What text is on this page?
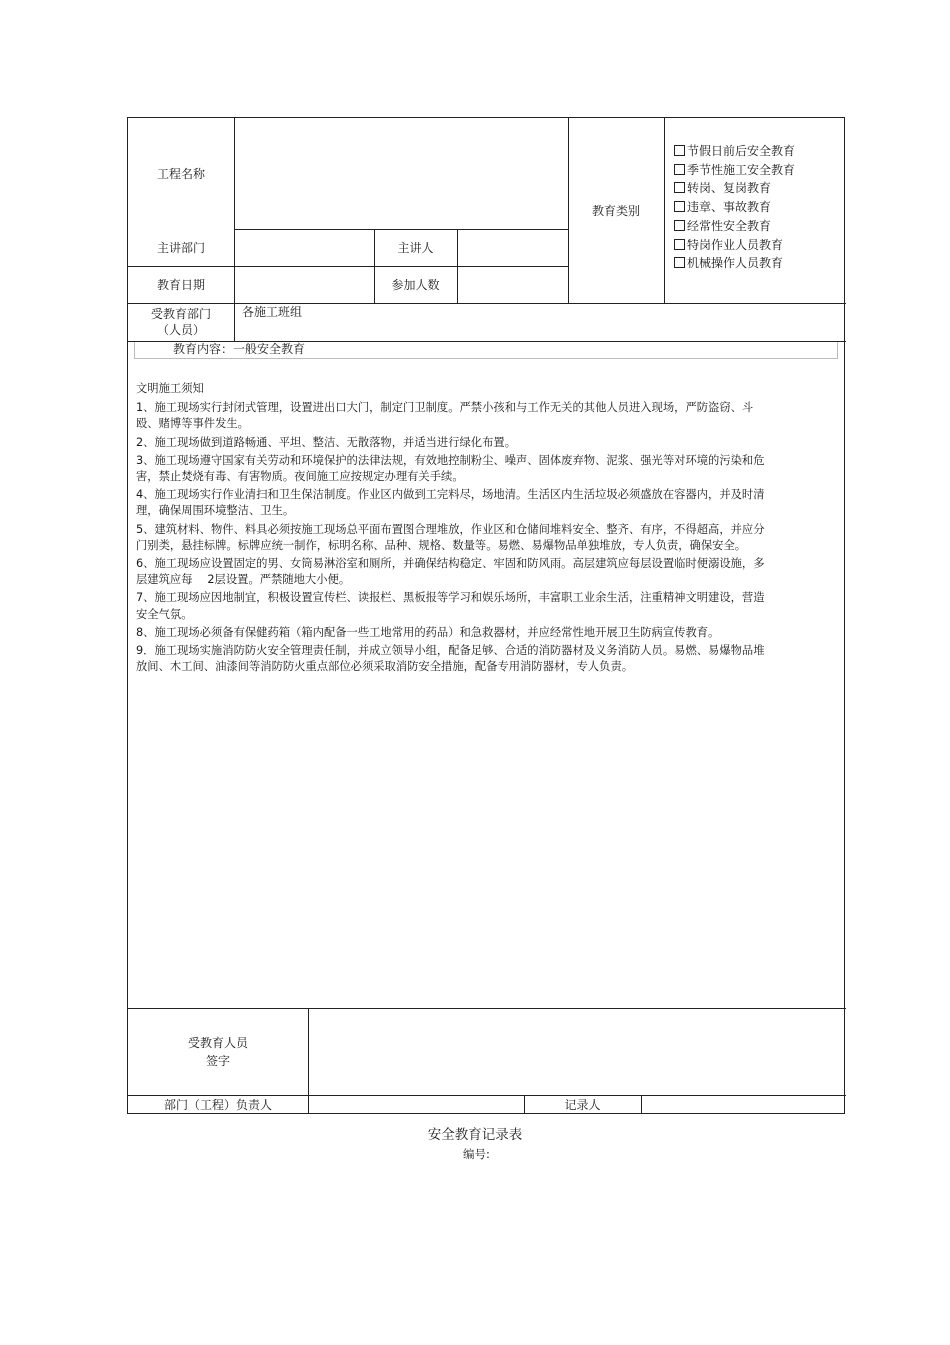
工程名称
教育类别
节假日前后安全教育
季节性施工安全教育
转岗、复岗教育
违章、事故教育
经常性安全教育
特岗作业人员教育
机械操作人员教育
主讲部门	主讲人
教育日期	参加人数
受教育部门
（人员）
各施工班组
教育内容：一般安全教育

文明施工须知

1、施工现场实行封闭式管理，设置进出口大门，制定门卫制度。严禁小孩和与工作无关的其他人员进入现场，严防盗窃、斗殴、赌博等事件发生。

2、施工现场做到道路畅通、平坦、整洁、无散落物，并适当进行绿化布置。

3、施工现场遵守国家有关劳动和环境保护的法律法规，有效地控制粉尘、噪声、固体废弃物、泥浆、强光等对环境的污染和危害，禁止焚烧有毒、有害物质。夜间施工应按规定办理有关手续。

4、施工现场实行作业清扫和卫生保洁制度。作业区内做到工完料尽，场地清。生活区内生活垃圾必须盛放在容器内，并及时清理，确保周围环境整洁、卫生。

5、建筑材料、物件、料具必须按施工现场总平面布置图合理堆放，作业区和仓储间堆料安全、整齐、有序，不得超高，并应分门别类，悬挂标牌。标牌应统一制作，标明名称、品种、规格、数量等。易燃、易爆物品单独堆放，专人负责，确保安全。

6、施工现场应设置固定的男、女筒易淋浴室和厕所，并确保结构稳定、牢固和防风雨。高层建筑应每层设置临时便溺设施，多层建筑应每　 2层设置。严禁随地大小便。

7、施工现场应因地制宜，积极设置宣传栏、读报栏、黑板报等学习和娱乐场所，丰富职工业余生活，注重精神文明建设，营造安全气氛。

8、施工现场必须备有保健药箱（箱内配备一些工地常用的药品）和急救器材，并应经常性地开展卫生防病宣传教育。

9．施工现场实施消防防火安全管理责任制，并成立领导小组，配备足够、合适的消防器材及义务消防人员。易燃、易爆物品堆放间、木工间、油漆间等消防防火重点部位必须采取消防安全措施，配备专用消防器材，专人负责。

受教育人员
签字
部门（工程）负责人	记录人
安全教育记录表
编号:
